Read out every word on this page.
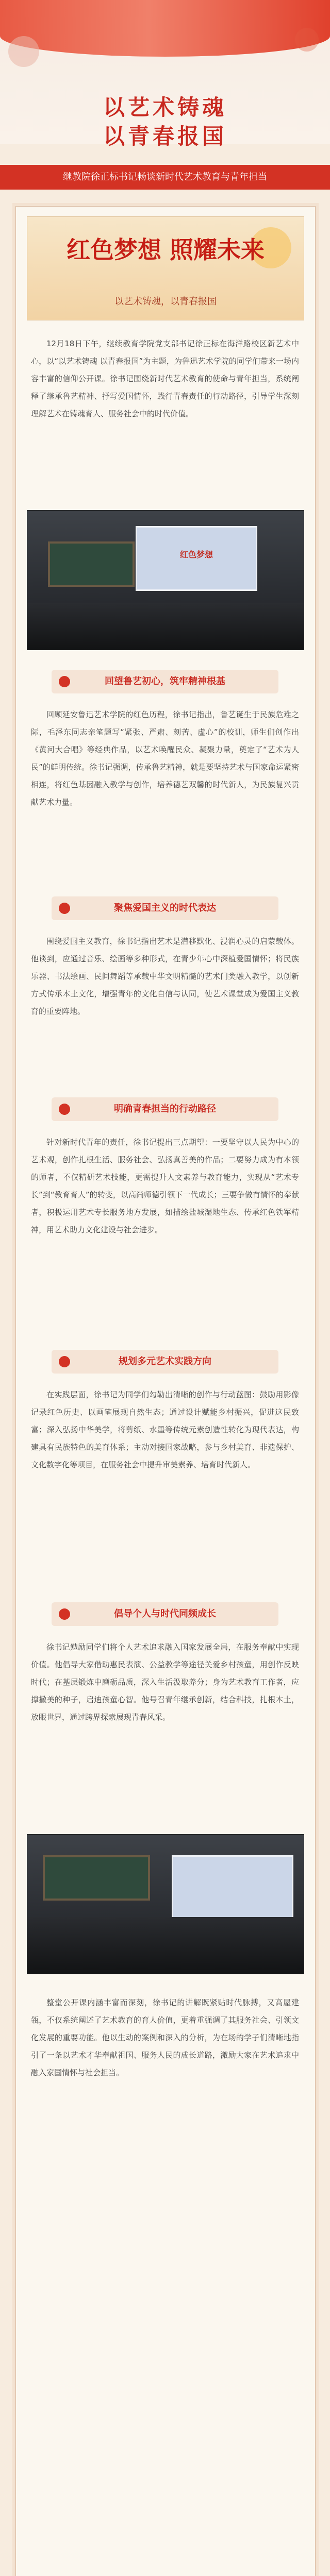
以艺术铸魂
以青春报国
继教院徐正标书记畅谈新时代艺术教育与青年担当
红色梦想 照耀未来
以艺术铸魂，以青春报国
12月18日下午，继续教育学院党支部书记徐正标在海洋路校区新艺术中心，以“以艺术铸魂 以青春报国”为主题，为鲁迅艺术学院的同学们带来一场内容丰富的信仰公开课。徐书记围绕新时代艺术教育的使命与青年担当，系统阐释了继承鲁艺精神、抒写爱国情怀，践行青春责任的行动路径，引导学生深刻理解艺术在铸魂育人、服务社会中的时代价值。
红色梦想
回望鲁艺初心，筑牢精神根基
回顾延安鲁迅艺术学院的红色历程，徐书记指出，鲁艺诞生于民族危难之际，毛泽东同志亲笔题写“紧张、严肃、刻苦、虚心”的校训，师生们创作出《黄河大合唱》等经典作品，以艺术唤醒民众、凝聚力量，奠定了“艺术为人民”的鲜明传统。徐书记强调，传承鲁艺精神，就是要坚持艺术与国家命运紧密相连，将红色基因融入教学与创作，培养德艺双馨的时代新人，为民族复兴贡献艺术力量。
聚焦爱国主义的时代表达
围绕爱国主义教育，徐书记指出艺术是潜移默化、浸润心灵的启蒙载体。他谈到，应通过音乐、绘画等多种形式，在青少年心中深植爱国情怀；将民族乐器、书法绘画、民间舞蹈等承载中华文明精髓的艺术门类融入教学，以创新方式传承本土文化，增强青年的文化自信与认同，使艺术课堂成为爱国主义教育的重要阵地。
明确青春担当的行动路径
针对新时代青年的责任，徐书记提出三点期望：一要坚守以人民为中心的艺术观，创作扎根生活、服务社会、弘扬真善美的作品；二要努力成为有本领的师者，不仅精研艺术技能，更需提升人文素养与教育能力，实现从“艺术专长”到“教育育人”的转变，以高尚师德引领下一代成长；三要争做有情怀的奉献者，积极运用艺术专长服务地方发展，如描绘盐城湿地生态、传承红色铁军精神，用艺术助力文化建设与社会进步。
规划多元艺术实践方向
在实践层面，徐书记为同学们勾勒出清晰的创作与行动蓝图：鼓励用影像记录红色历史、以画笔展现自然生态；通过设计赋能乡村振兴，促进这民致富；深入弘扬中华美学，将剪纸、水墨等传统元素创造性转化为现代表达，构建具有民族特色的美育体系；主动对接国家战略，参与乡村美育、非遗保护、文化数字化等项目，在服务社会中提升审美素养、培育时代新人。
倡导个人与时代同频成长
徐书记勉励同学们将个人艺术追求融入国家发展全局，在服务奉献中实现价值。他倡导大家借助惠民表演、公益教学等途径关爱乡村孩童，用创作反映时代；在基层锻炼中磨砺品质，深入生活汲取养分；身为艺术教育工作者，应撑撒美的种子，启迪孩童心智。他号召青年继承创新，结合科技，扎根本土，放眼世界，通过跨界探索展现青春风采。
整堂公开课内涵丰富而深刻，徐书记的讲解既紧贴时代脉搏，又高屋建瓴，不仅系统阐述了艺术教育的育人价值，更着重强调了其服务社会、引领文化发展的重要功能。他以生动的案例和深入的分析，为在场的学子们清晰地指引了一条以艺术才华奉献祖国、服务人民的成长道路，激励大家在艺术追求中融入家国情怀与社会担当。
